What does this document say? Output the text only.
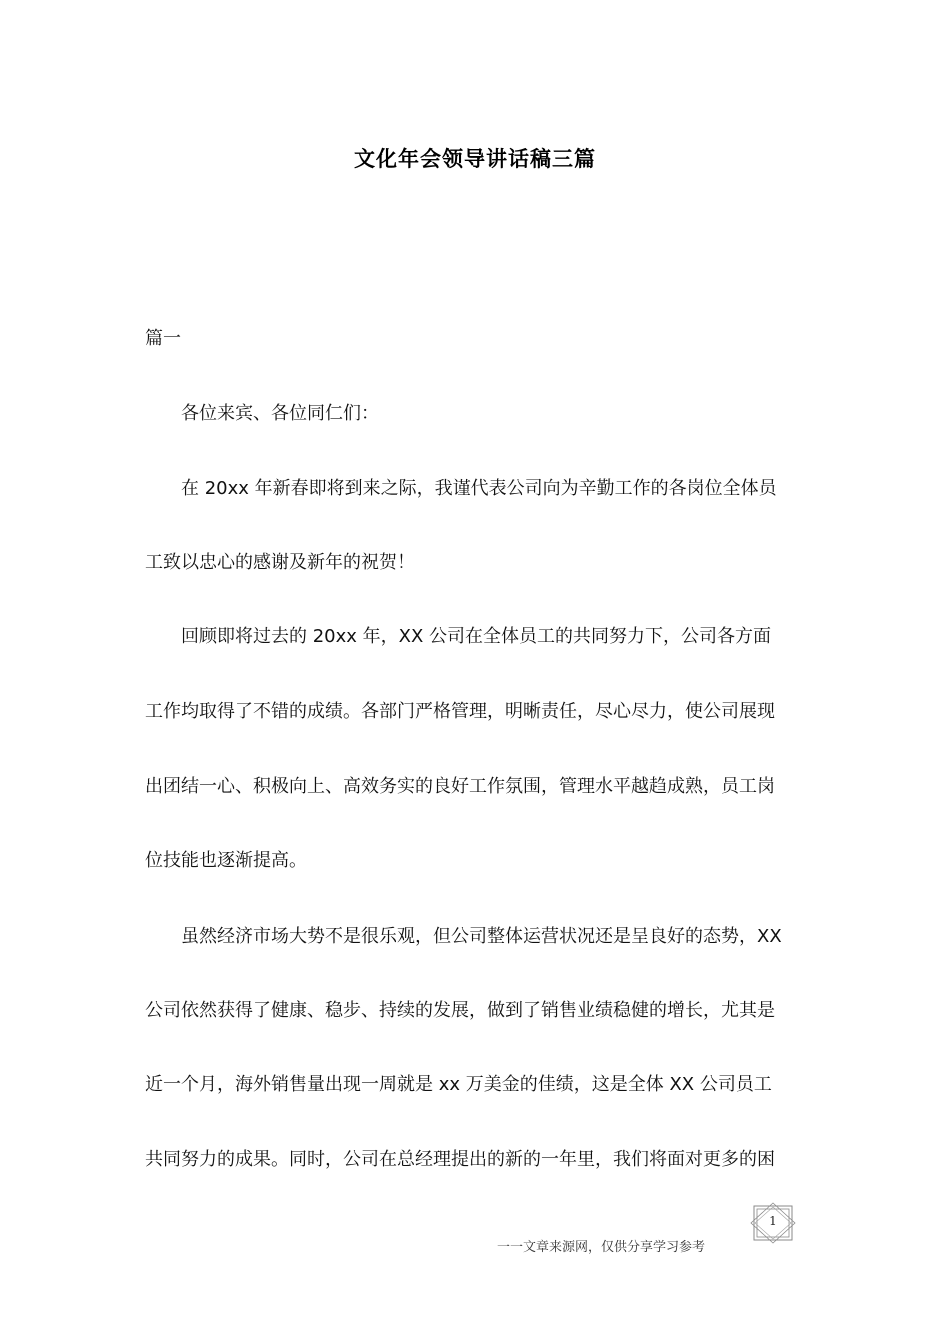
文化年会领导讲话稿三篇
篇一
各位来宾、各位同仁们：
在 20xx 年新春即将到来之际，我谨代表公司向为辛勤工作的各岗位全体员
工致以忠心的感谢及新年的祝贺！
回顾即将过去的 20xx 年，XX 公司在全体员工的共同努力下，公司各方面
工作均取得了不错的成绩。各部门严格管理，明晰责任，尽心尽力，使公司展现
出团结一心、积极向上、高效务实的良好工作氛围，管理水平越趋成熟，员工岗
位技能也逐渐提高。
虽然经济市场大势不是很乐观，但公司整体运营状况还是呈良好的态势，XX
公司依然获得了健康、稳步、持续的发展，做到了销售业绩稳健的增长，尤其是
近一个月，海外销售量出现一周就是 xx 万美金的佳绩，这是全体 XX 公司员工
共同努力的成果。同时，公司在总经理提出的新的一年里，我们将面对更多的困
1
一一文章来源网，仅供分享学习参考
